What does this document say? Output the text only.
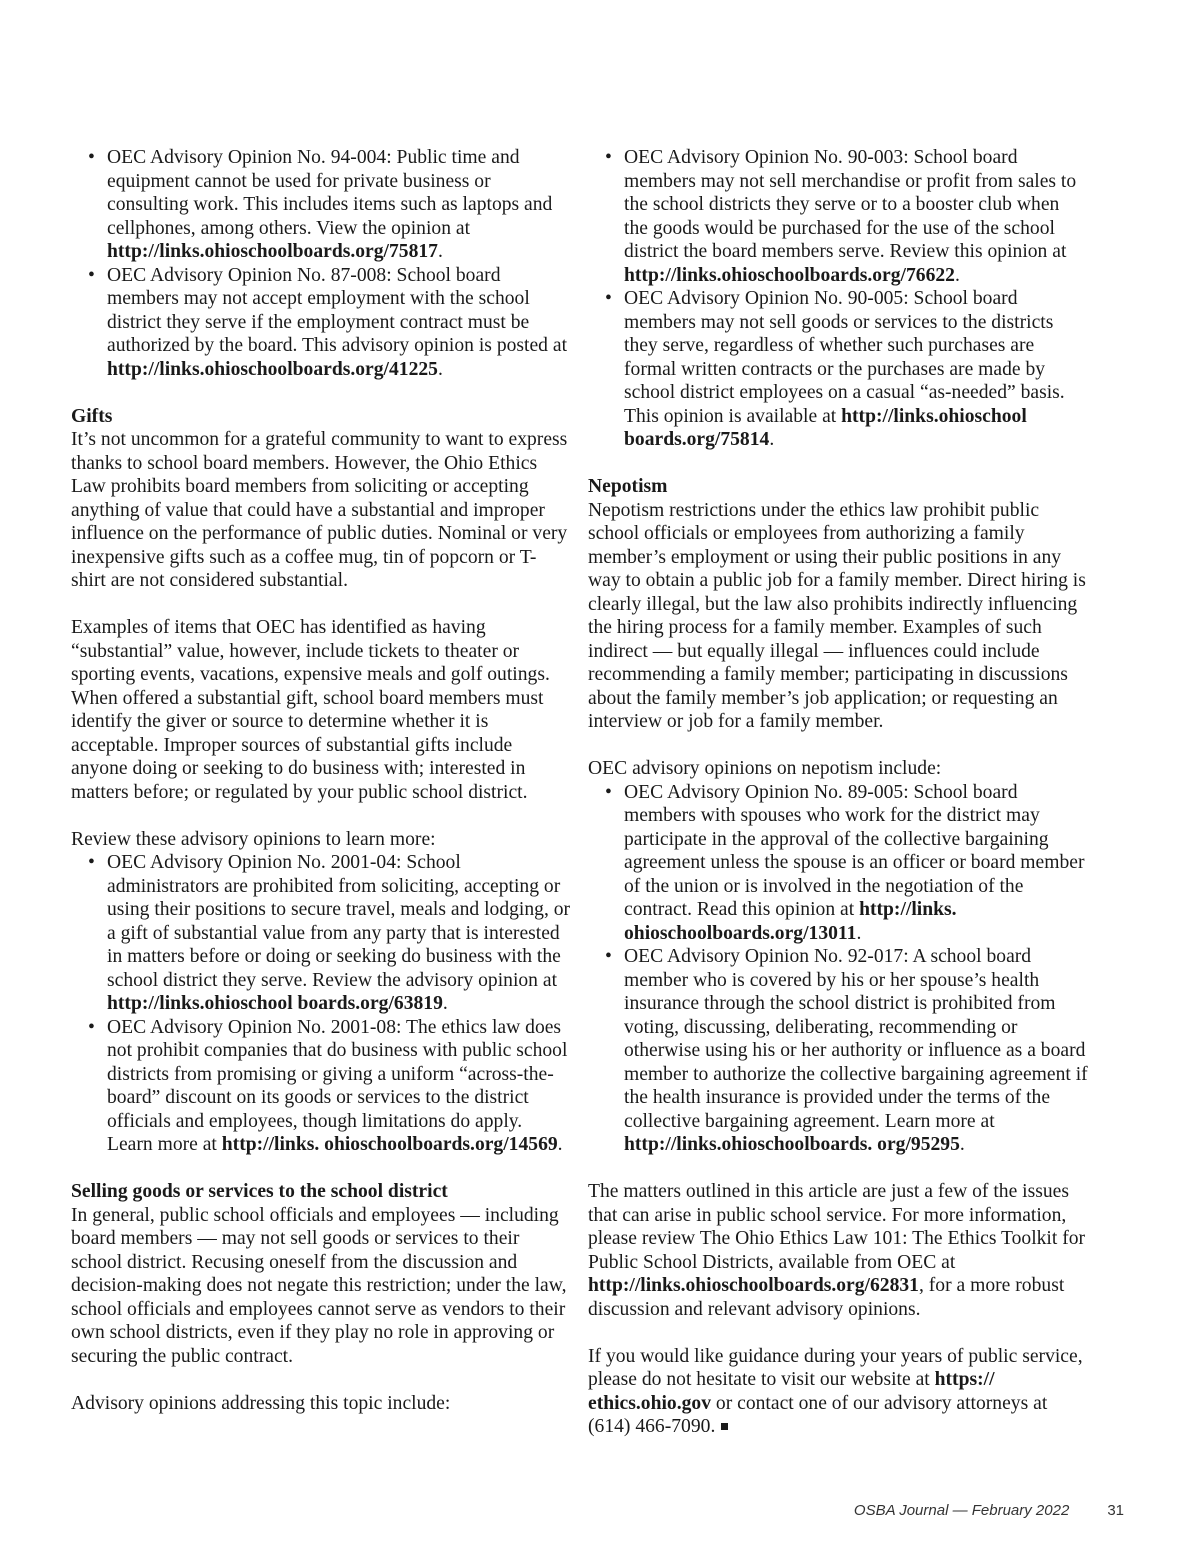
• OEC Advisory Opinion No. 94-004: Public time and equipment cannot be used for private business or consulting work. This includes items such as laptops and cellphones, among others. View the opinion at http://links.ohioschoolboards.org/75817.
• OEC Advisory Opinion No. 87-008: School board members may not accept employment with the school district they serve if the employment contract must be authorized by the board. This advisory opinion is posted at http://links.ohioschoolboards.org/41225.
Gifts

It’s not uncommon for a grateful community to want to express thanks to school board members. However, the Ohio Ethics Law prohibits board members from soliciting or accepting anything of value that could have a substantial and improper influence on the performance of public duties. Nominal or very inexpensive gifts such as a coffee mug, tin of popcorn or T-shirt are not considered substantial.

Examples of items that OEC has identified as having “substantial” value, however, include tickets to theater or sporting events, vacations, expensive meals and golf outings. When offered a substantial gift, school board members must identify the giver or source to determine whether it is acceptable. Improper sources of substantial gifts include anyone doing or seeking to do business with; interested in matters before; or regulated by your public school district.

Review these advisory opinions to learn more:

• OEC Advisory Opinion No. 2001-04: School administrators are prohibited from soliciting, accepting or using their positions to secure travel, meals and lodging, or a gift of substantial value from any party that is interested in matters before or doing or seeking do business with the school district they serve. Review the advisory opinion at http://links.ohioschool boards.org/63819.
• OEC Advisory Opinion No. 2001-08: The ethics law does not prohibit companies that do business with public school districts from promising or giving a uniform “across-the-board” discount on its goods or services to the district officials and employees, though limitations do apply. Learn more at http://links. ohioschoolboards.org/14569.
Selling goods or services to the school district

In general, public school officials and employees — including board members — may not sell goods or services to their school district. Recusing oneself from the discussion and decision-making does not negate this restriction; under the law, school officials and employees cannot serve as vendors to their own school districts, even if they play no role in approving or securing the public contract.

Advisory opinions addressing this topic include:

• OEC Advisory Opinion No. 90-003: School board members may not sell merchandise or profit from sales to the school districts they serve or to a booster club when the goods would be purchased for the use of the school district the board members serve. Review this opinion at http://links.ohioschoolboards.org/76622.
• OEC Advisory Opinion No. 90-005: School board members may not sell goods or services to the districts they serve, regardless of whether such purchases are formal written contracts or the purchases are made by school district employees on a casual “as-needed” basis. This opinion is available at http://links.ohioschool boards.org/75814.
Nepotism

Nepotism restrictions under the ethics law prohibit public school officials or employees from authorizing a family member’s employment or using their public positions in any way to obtain a public job for a family member. Direct hiring is clearly illegal, but the law also prohibits indirectly influencing the hiring process for a family member. Examples of such indirect — but equally illegal — influences could include recommending a family member; participating in discussions about the family member’s job application; or requesting an interview or job for a family member.

OEC advisory opinions on nepotism include:

• OEC Advisory Opinion No. 89-005: School board members with spouses who work for the district may participate in the approval of the collective bargaining agreement unless the spouse is an officer or board member of the union or is involved in the negotiation of the contract. Read this opinion at http://links. ohioschoolboards.org/13011.
• OEC Advisory Opinion No. 92-017: A school board member who is covered by his or her spouse’s health insurance through the school district is prohibited from voting, discussing, deliberating, recommending or otherwise using his or her authority or influence as a board member to authorize the collective bargaining agreement if the health insurance is provided under the terms of the collective bargaining agreement. Learn more at http://links.ohioschoolboards. org/95295.

The matters outlined in this article are just a few of the issues that can arise in public school service. For more information, please review The Ohio Ethics Law 101: The Ethics Toolkit for Public School Districts, available from OEC at http://links.ohioschoolboards.org/62831, for a more robust discussion and relevant advisory opinions.

If you would like guidance during your years of public service, please do not hesitate to visit our website at https:// ethics.ohio.gov or contact one of our advisory attorneys at (614) 466-7090.

OSBA Journal — February 2022	31
